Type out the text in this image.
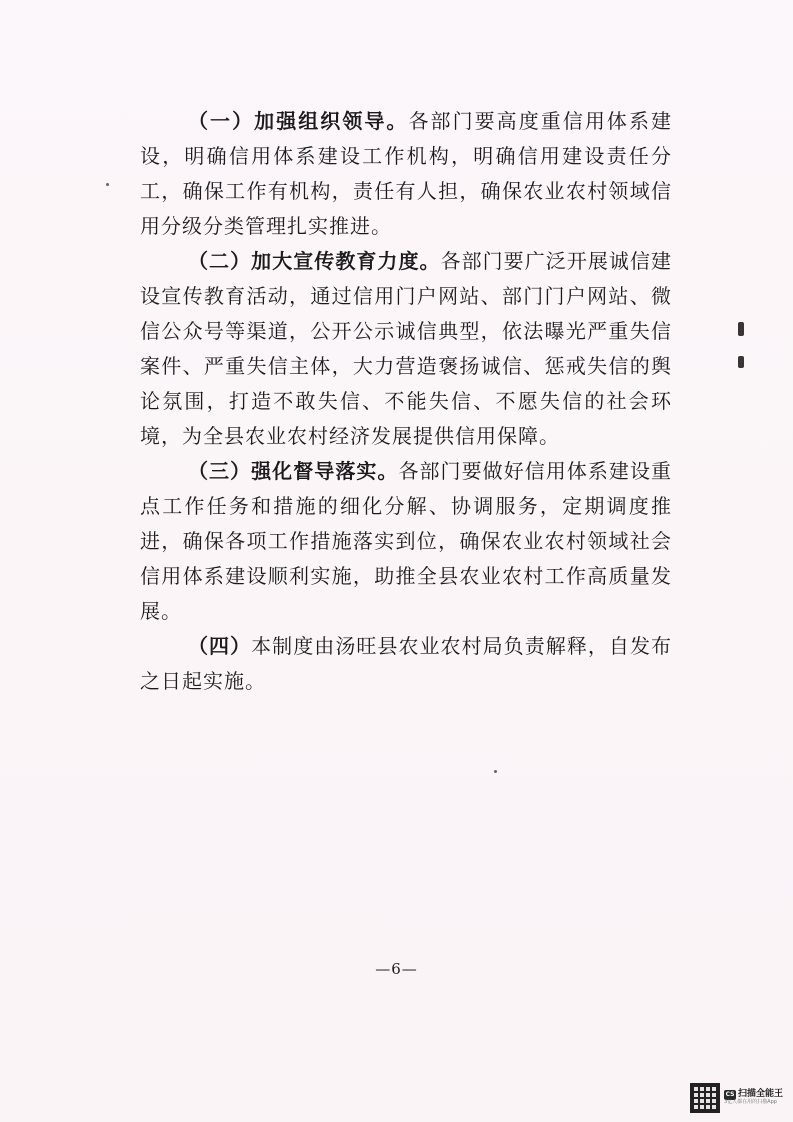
（一）加强组织领导。各部门要高度重信用体系建设，明确信用体系建设工作机构，明确信用建设责任分工，确保工作有机构，责任有人担，确保农业农村领域信用分级分类管理扎实推进。

（二）加大宣传教育力度。各部门要广泛开展诚信建设宣传教育活动，通过信用门户网站、部门门户网站、微信公众号等渠道，公开公示诚信典型，依法曝光严重失信案件、严重失信主体，大力营造褒扬诚信、惩戒失信的舆论氛围，打造不敢失信、不能失信、不愿失信的社会环境，为全县农业农村经济发展提供信用保障。

（三）强化督导落实。各部门要做好信用体系建设重点工作任务和措施的细化分解、协调服务，定期调度推进，确保各项工作措施落实到位，确保农业农村领域社会信用体系建设顺利实施，助推全县农业农村工作高质量发展。

（四）本制度由汤旺县农业农村局负责解释，自发布之日起实施。

—6—
CS 扫描全能王
3亿人都在用的扫描App
